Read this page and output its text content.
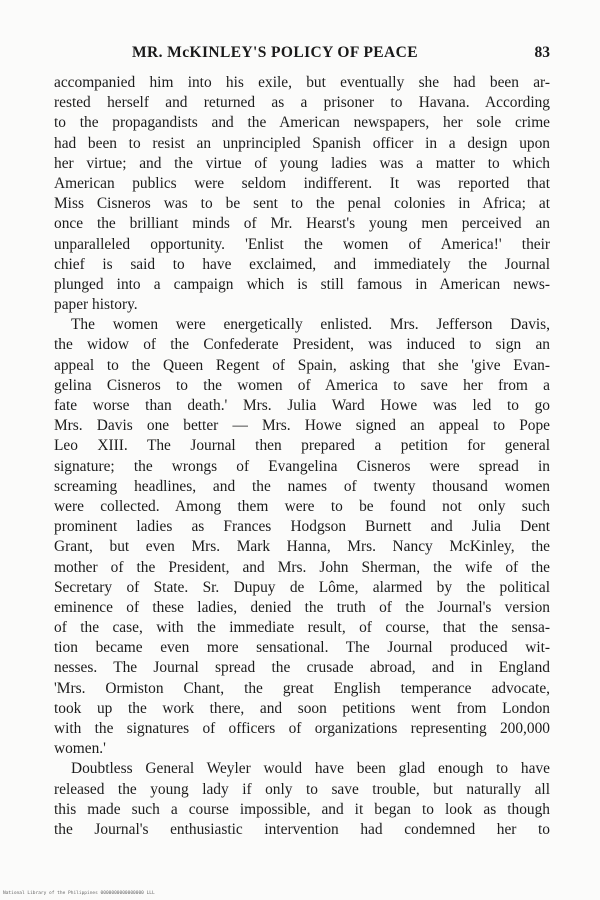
MR. McKINLEY'S POLICY OF PEACE	83
accompanied him into his exile, but eventually she had been ar-
rested herself and returned as a prisoner to Havana. According
to the propagandists and the American newspapers, her sole crime
had been to resist an unprincipled Spanish officer in a design upon
her virtue; and the virtue of young ladies was a matter to which
American publics were seldom indifferent. It was reported that
Miss Cisneros was to be sent to the penal colonies in Africa; at
once the brilliant minds of Mr. Hearst's young men perceived an
unparalleled opportunity. 'Enlist the women of America!' their
chief is said to have exclaimed, and immediately the Journal
plunged into a campaign which is still famous in American news-
paper history.
The women were energetically enlisted. Mrs. Jefferson Davis,
the widow of the Confederate President, was induced to sign an
appeal to the Queen Regent of Spain, asking that she 'give Evan-
gelina Cisneros to the women of America to save her from a
fate worse than death.' Mrs. Julia Ward Howe was led to go
Mrs. Davis one better — Mrs. Howe signed an appeal to Pope
Leo XIII. The Journal then prepared a petition for general
signature; the wrongs of Evangelina Cisneros were spread in
screaming headlines, and the names of twenty thousand women
were collected. Among them were to be found not only such
prominent ladies as Frances Hodgson Burnett and Julia Dent
Grant, but even Mrs. Mark Hanna, Mrs. Nancy McKinley, the
mother of the President, and Mrs. John Sherman, the wife of the
Secretary of State. Sr. Dupuy de Lôme, alarmed by the political
eminence of these ladies, denied the truth of the Journal's version
of the case, with the immediate result, of course, that the sensa-
tion became even more sensational. The Journal produced wit-
nesses. The Journal spread the crusade abroad, and in England
'Mrs. Ormiston Chant, the great English temperance advocate,
took up the work there, and soon petitions went from London
with the signatures of officers of organizations representing 200,000
women.'
Doubtless General Weyler would have been glad enough to have
released the young lady if only to save trouble, but naturally all
this made such a course impossible, and it began to look as though
the Journal's enthusiastic intervention had condemned her to
National Library of the Philippines 0000000000000000 LLL
